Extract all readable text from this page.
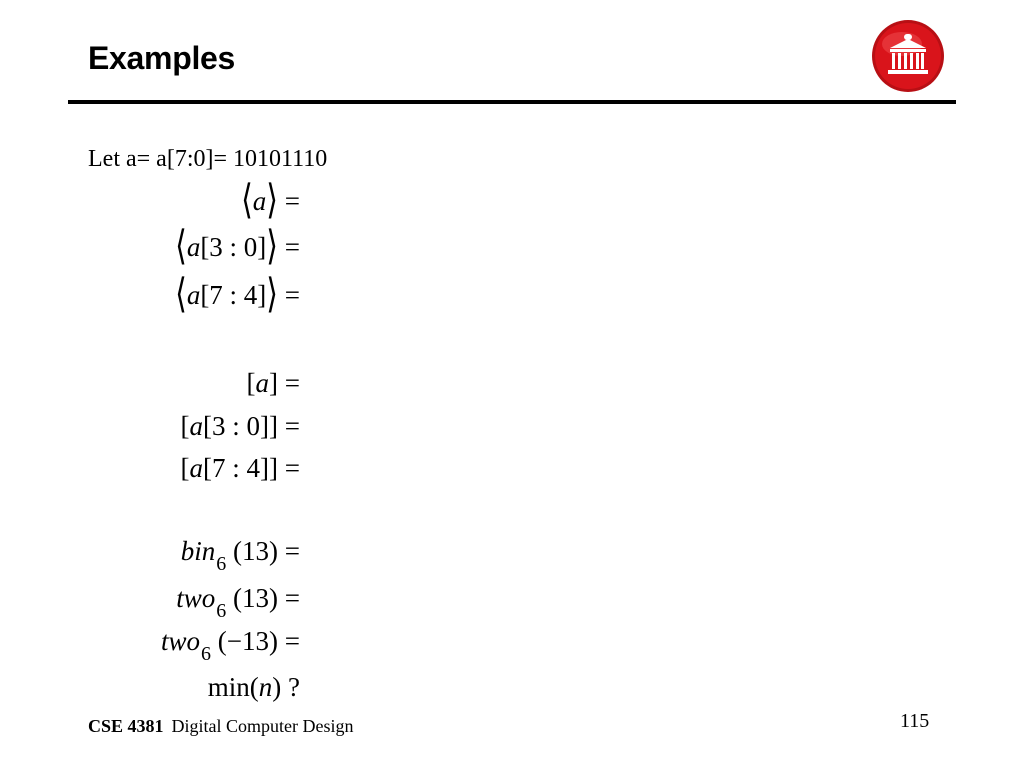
Examples
Let a= a[7:0]= 10101110
⟨a⟩ =
⟨a[3 : 0]⟩ =
⟨a[7 : 4]⟩ =
[a] =
[a[3 : 0]] =
[a[7 : 4]] =
bin$_6$ (13) =
two$_6$ (13) =
two$_6$ (−13) =
min(n) ?
CSE 4381 Digital Computer Design	115
